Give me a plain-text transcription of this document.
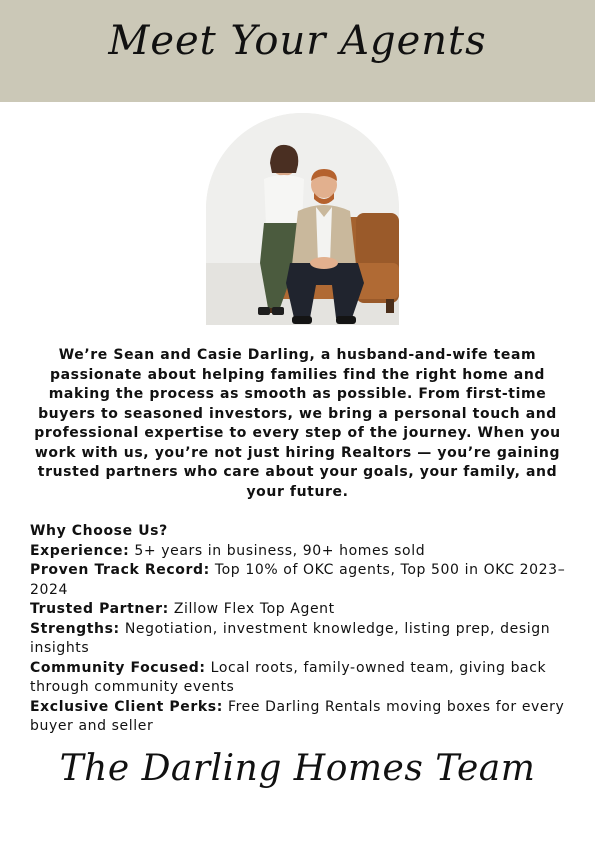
Meet Your Agents

We’re Sean and Casie Darling, a husband-and-wife team passionate about helping families find the right home and making the process as smooth as possible. From first-time buyers to seasoned investors, we bring a personal touch and professional expertise to every step of the journey. When you work with us, you’re not just hiring Realtors — you’re gaining trusted partners who care about your goals, your family, and your future.

Why Choose Us?

Experience: 5+ years in business, 90+ homes sold

Proven Track Record: Top 10% of OKC agents, Top 500 in OKC 2023–2024

Trusted Partner: Zillow Flex Top Agent

Strengths: Negotiation, investment knowledge, listing prep, design insights

Community Focused: Local roots, family-owned team, giving back through community events

Exclusive Client Perks: Free Darling Rentals moving boxes for every buyer and seller

The Darling Homes Team
